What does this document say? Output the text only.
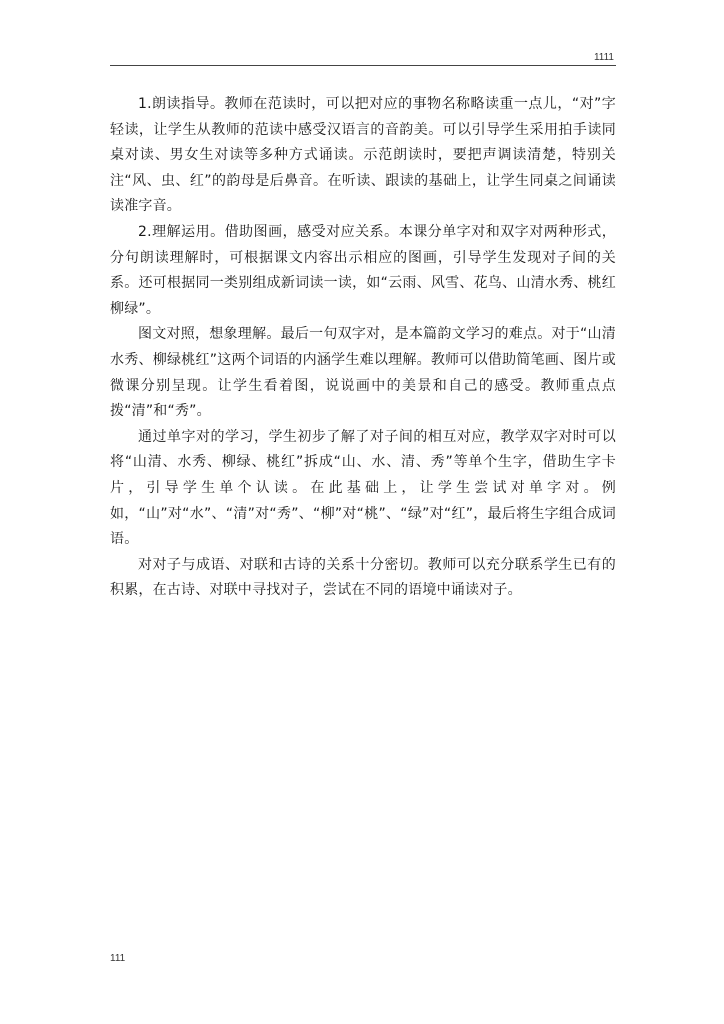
1111

1.朗读指导。教师在范读时，可以把对应的事物名称略读重一点儿，“对”字轻读，让学生从教师的范读中感受汉语言的音韵美。可以引导学生采用拍手读同桌对读、男女生对读等多种方式诵读。示范朗读时，要把声调读清楚，特别关注“风、虫、红”的韵母是后鼻音。在听读、跟读的基础上，让学生同桌之间诵读读准字音。

2.理解运用。借助图画，感受对应关系。本课分单字对和双字对两种形式，分句朗读理解时，可根据课文内容出示相应的图画，引导学生发现对子间的关系。还可根据同一类别组成新词读一读，如“云雨、风雪、花鸟、山清水秀、桃红柳绿”。

图文对照，想象理解。最后一句双字对，是本篇韵文学习的难点。对于“山清水秀、柳绿桃红”这两个词语的内涵学生难以理解。教师可以借助简笔画、图片或微课分别呈现。让学生看着图，说说画中的美景和自己的感受。教师重点点拨“清”和“秀”。

通过单字对的学习，学生初步了解了对子间的相互对应，教学双字对时可以将“山清、水秀、柳绿、桃红”拆成“山、水、清、秀”等单个生字，借助生字卡片，引导学生单个认读。在此基础上，让学生尝试对单字对。例如，“山”对“水”、“清”对“秀”、“柳”对“桃”、“绿”对“红”，最后将生字组合成词语。

对对子与成语、对联和古诗的关系十分密切。教师可以充分联系学生已有的积累，在古诗、对联中寻找对子，尝试在不同的语境中诵读对子。

111
